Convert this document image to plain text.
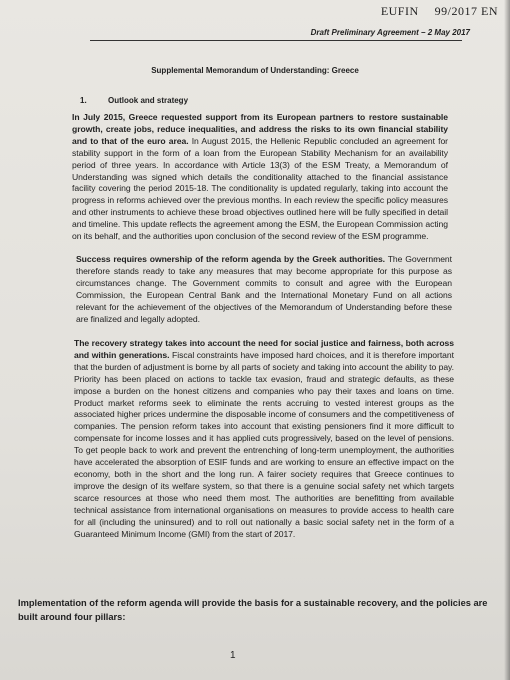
EUFIN 99/2017 EN
Draft Preliminary Agreement – 2 May 2017
Supplemental Memorandum of Understanding: Greece
1.	Outlook and strategy
In July 2015, Greece requested support from its European partners to restore sustainable growth, create jobs, reduce inequalities, and address the risks to its own financial stability and to that of the euro area. In August 2015, the Hellenic Republic concluded an agreement for stability support in the form of a loan from the European Stability Mechanism for an availability period of three years. In accordance with Article 13(3) of the ESM Treaty, a Memorandum of Understanding was signed which details the conditionality attached to the financial assistance facility covering the period 2015-18. The conditionality is updated regularly, taking into account the progress in reforms achieved over the previous months. In each review the specific policy measures and other instruments to achieve these broad objectives outlined here will be fully specified in detail and timeline. This update reflects the agreement among the ESM, the European Commission acting on its behalf, and the authorities upon conclusion of the second review of the ESM programme.
Success requires ownership of the reform agenda by the Greek authorities. The Government therefore stands ready to take any measures that may become appropriate for this purpose as circumstances change. The Government commits to consult and agree with the European Commission, the European Central Bank and the International Monetary Fund on all actions relevant for the achievement of the objectives of the Memorandum of Understanding before these are finalized and legally adopted.
The recovery strategy takes into account the need for social justice and fairness, both across and within generations. Fiscal constraints have imposed hard choices, and it is therefore important that the burden of adjustment is borne by all parts of society and taking into account the ability to pay. Priority has been placed on actions to tackle tax evasion, fraud and strategic defaults, as these impose a burden on the honest citizens and companies who pay their taxes and loans on time. Product market reforms seek to eliminate the rents accruing to vested interest groups as the associated higher prices undermine the disposable income of consumers and the competitiveness of companies. The pension reform takes into account that existing pensioners find it more difficult to compensate for income losses and it has applied cuts progressively, based on the level of pensions. To get people back to work and prevent the entrenching of long-term unemployment, the authorities have accelerated the absorption of ESIF funds and are working to ensure an effective impact on the economy, both in the short and the long run. A fairer society requires that Greece continues to improve the design of its welfare system, so that there is a genuine social safety net which targets scarce resources at those who need them most. The authorities are benefitting from available technical assistance from international organisations on measures to provide access to health care for all (including the uninsured) and to roll out nationally a basic social safety net in the form of a Guaranteed Minimum Income (GMI) from the start of 2017.
Implementation of the reform agenda will provide the basis for a sustainable recovery, and the policies are built around four pillars:
1
